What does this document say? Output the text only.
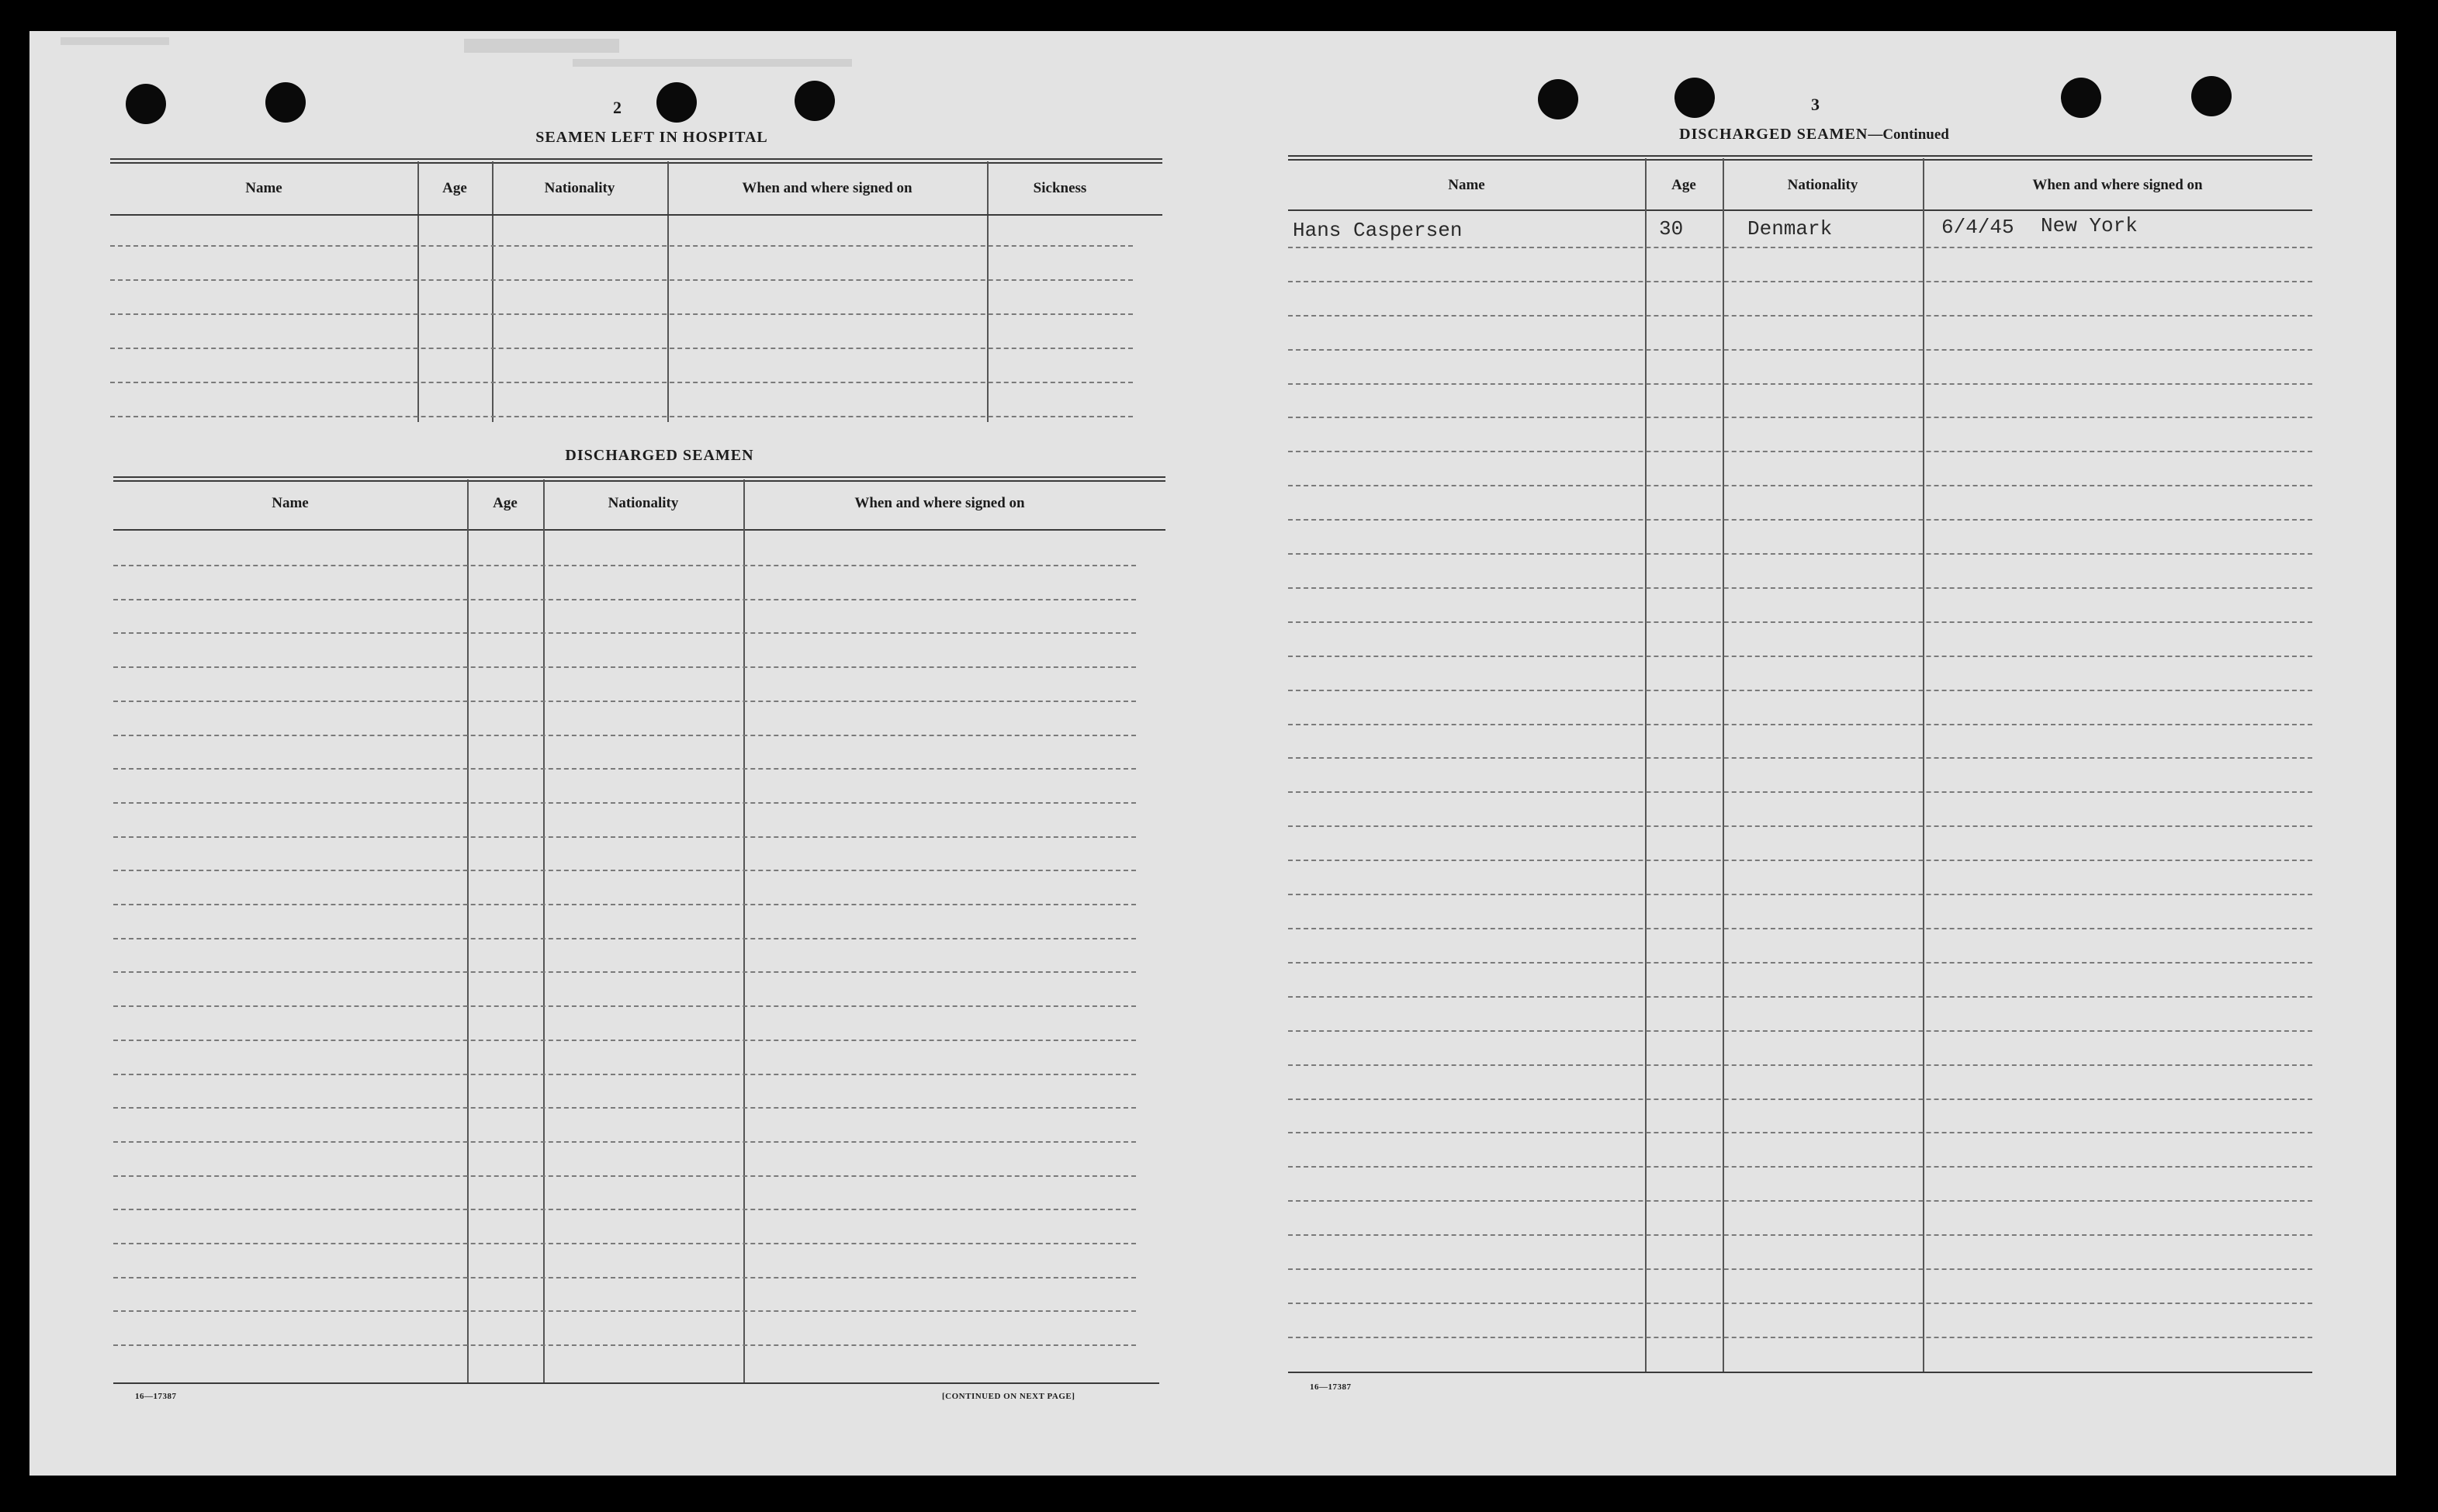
2
SEAMEN LEFT IN HOSPITAL
Name	Age	Nationality	When and where signed on	Sickness
DISCHARGED SEAMEN
Name	Age	Nationality	When and where signed on
16—17387	[CONTINUED ON NEXT PAGE]
3
DISCHARGED SEAMEN—Continued
Name	Age	Nationality	When and where signed on
Hans Caspersen	30	Denmark	6/4/45 New York
16—17387
